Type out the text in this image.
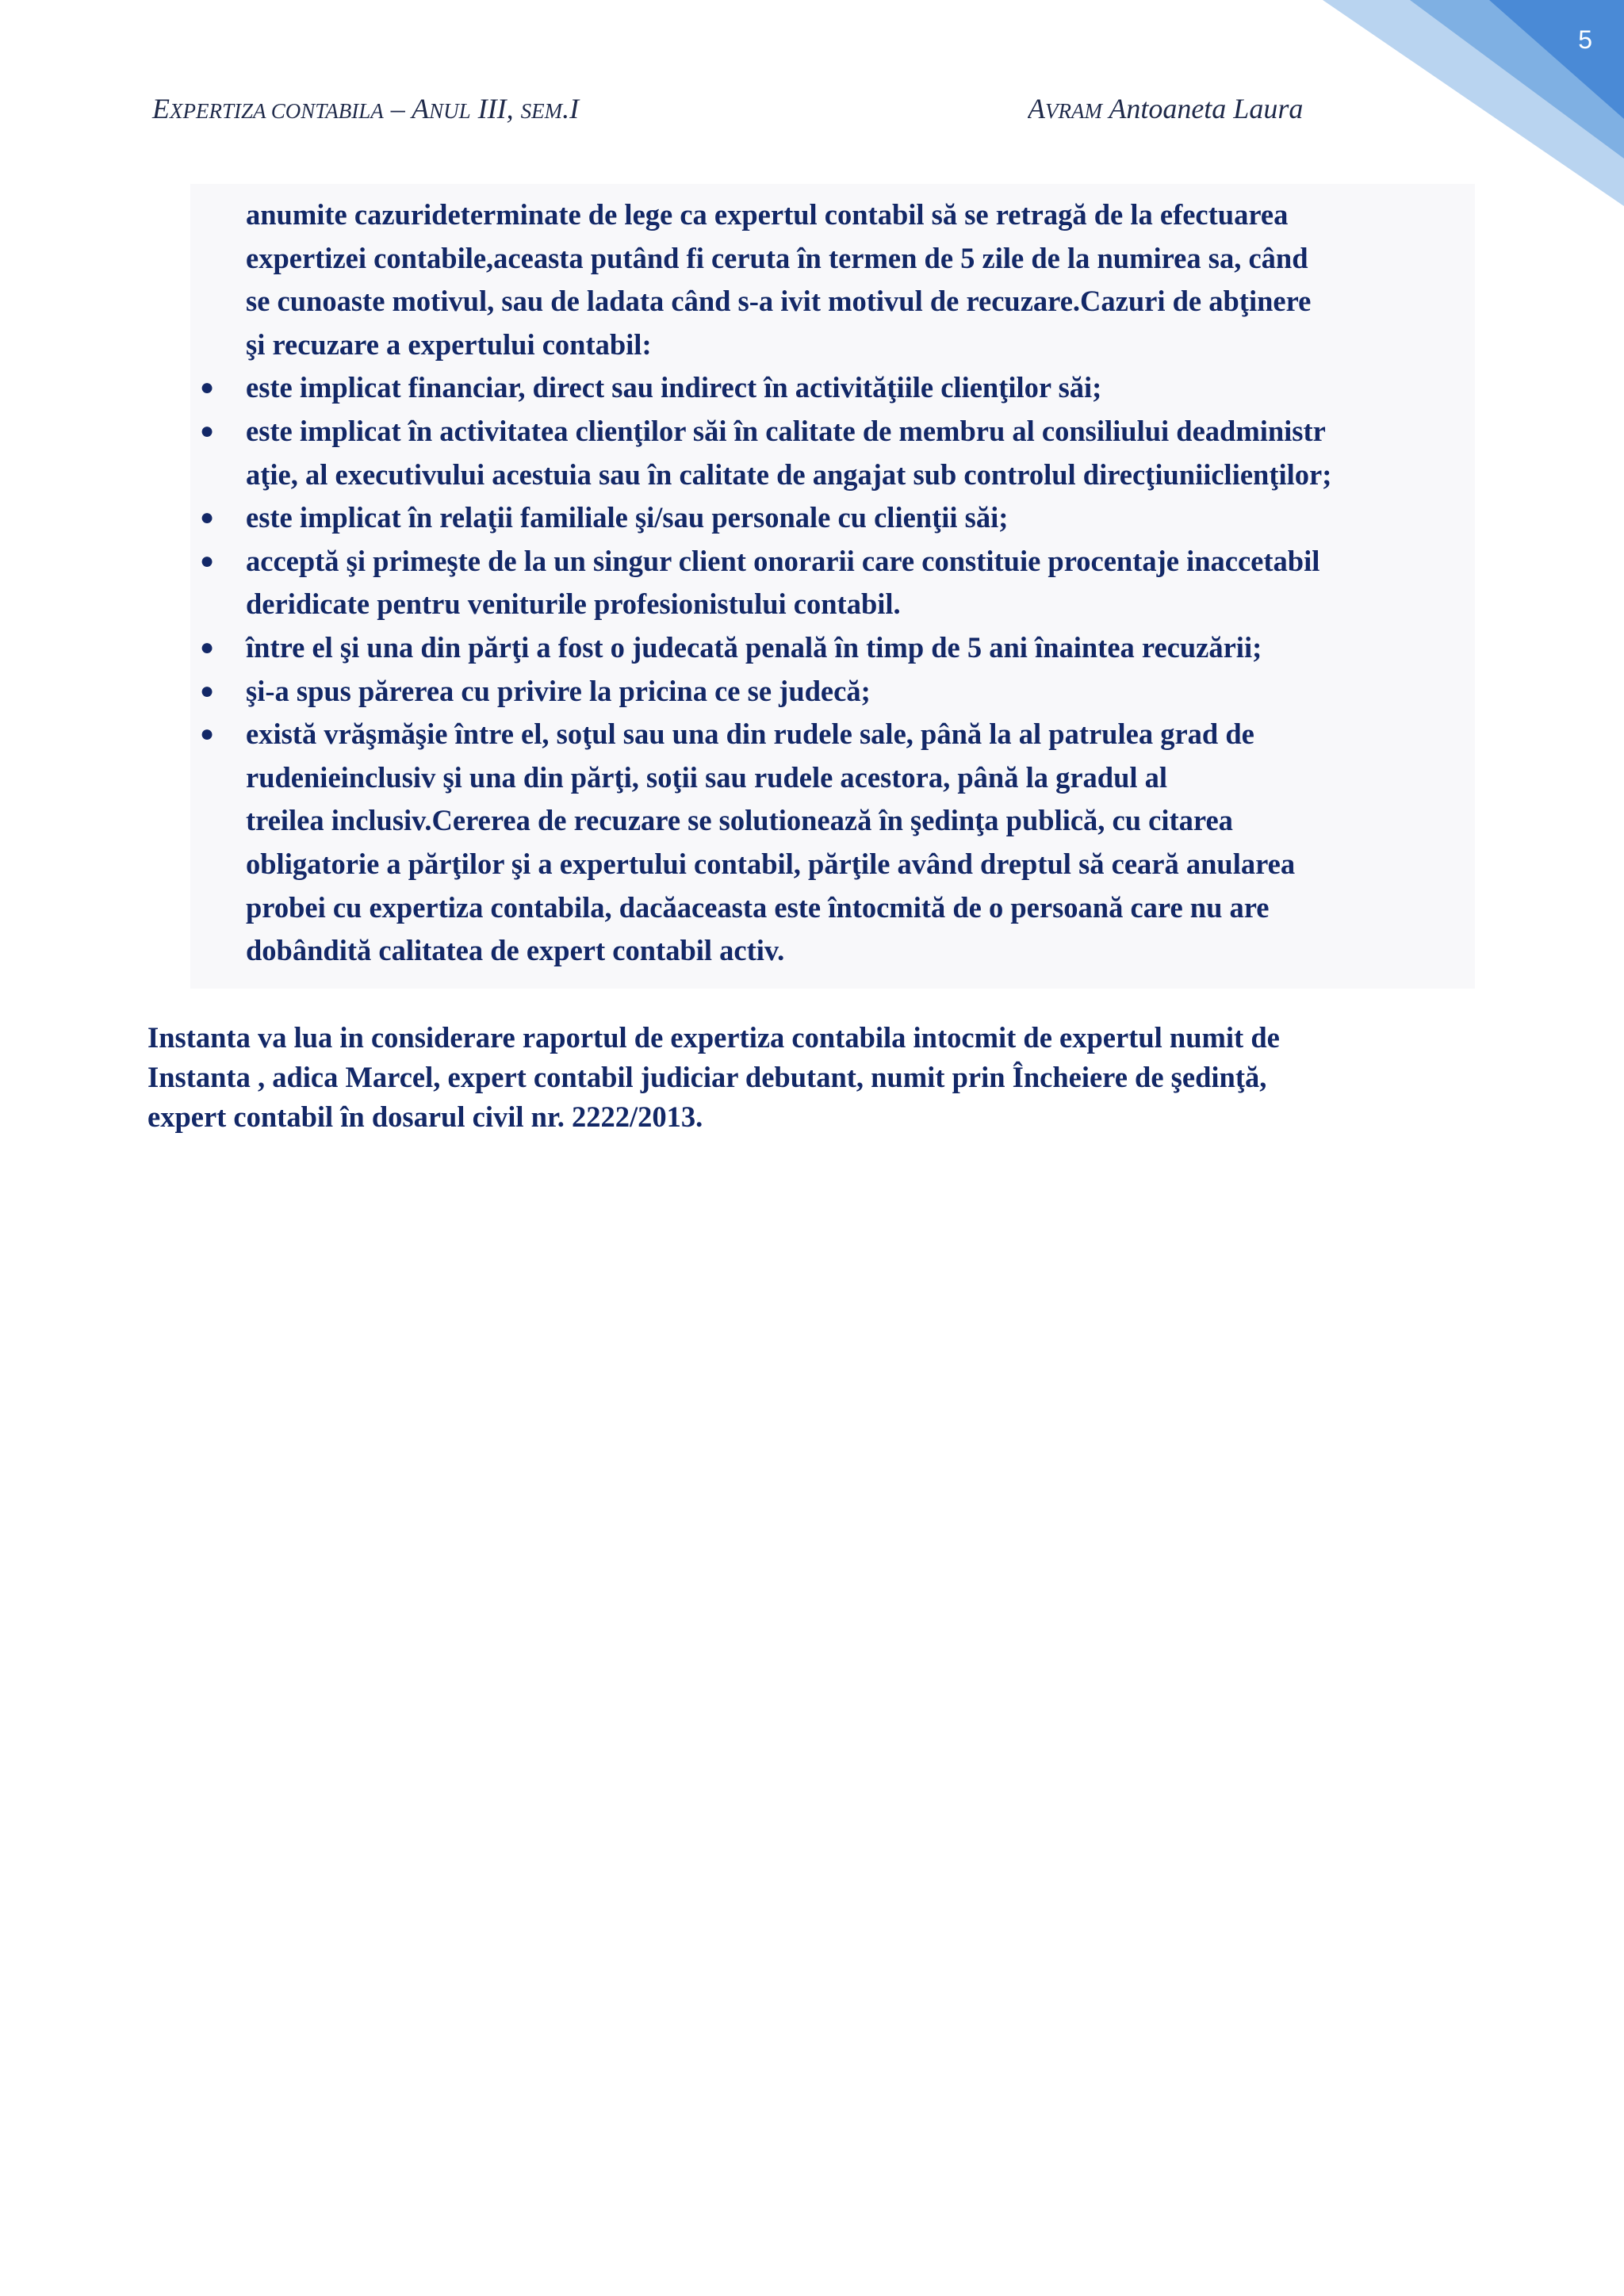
5
EXPERTIZA CONTABILA – ANUL III, SEM.I	AVRAM Antoaneta Laura
anumite cazurideterminate de lege ca expertul contabil să se retragă de la efectuarea
expertizei contabile,aceasta putând fi ceruta în termen de 5 zile de la numirea sa, când
se cunoaste motivul, sau de ladata când s-a ivit motivul de recuzare.Cazuri de abţinere
şi recuzare a expertului contabil:
● este implicat financiar, direct sau indirect în activităţiile clienţilor săi;
● este implicat în activitatea clienţilor săi în calitate de membru al consiliului deadministr
aţie, al executivului acestuia sau în calitate de angajat sub controlul direcţiuniiclienţilor;
● este implicat în relaţii familiale şi/sau personale cu clienţii săi;
● acceptă şi primeşte de la un singur client onorarii care constituie procentaje inaccetabil
deridicate pentru veniturile profesionistului contabil.
● între el şi una din părţi a fost o judecată penală în timp de 5 ani înaintea recuzării;
● şi-a spus părerea cu privire la pricina ce se judecă;
● există vrăşmăşie între el, soţul sau una din rudele sale, până la al patrulea grad de
rudenieinclusiv şi una din părţi, soţii sau rudele acestora, până la gradul al
treilea inclusiv.Cererea de recuzare se solutionează în şedinţa publică, cu citarea
obligatorie a părţilor şi a expertului contabil, părţile având dreptul să ceară anularea
probei cu expertiza contabila, dacăaceasta este întocmită de o persoană care nu are
dobândită calitatea de expert contabil activ.
Instanta va lua in considerare raportul de expertiza contabila intocmit de expertul numit de
Instanta , adica Marcel, expert contabil judiciar debutant, numit prin Încheiere de şedinţă,
expert contabil în dosarul civil nr. 2222/2013.
